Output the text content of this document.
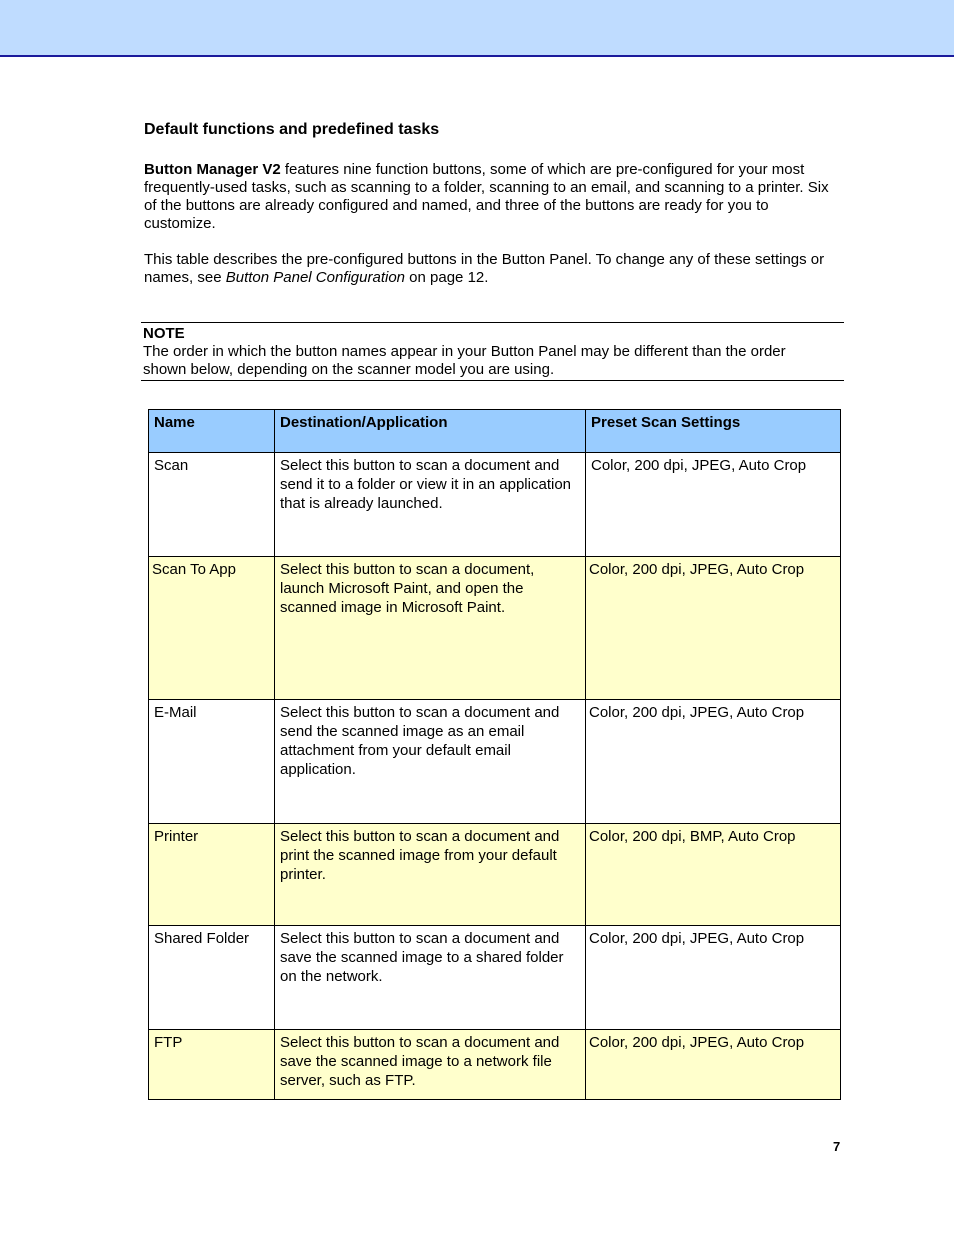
Default functions and predefined tasks

Button Manager V2 features nine function buttons, some of which are pre-configured for your most frequently-used tasks, such as scanning to a folder, scanning to an email, and scanning to a printer. Six of the buttons are already configured and named, and three of the buttons are ready for you to customize.

This table describes the pre-configured buttons in the Button Panel. To change any of these settings or names, see Button Panel Configuration on page 12.

NOTE
The order in which the button names appear in your Button Panel may be different than the order shown below, depending on the scanner model you are using.
Name	Destination/Application	Preset Scan Settings
Scan	Select this button to scan a document and send it to a folder or view it in an application that is already launched.	Color, 200 dpi, JPEG, Auto Crop
Scan To App	Select this button to scan a document, launch Microsoft Paint, and open the scanned image in Microsoft Paint.	Color, 200 dpi, JPEG, Auto Crop
E-Mail	Select this button to scan a document and send the scanned image as an email attachment from your default email application.	Color, 200 dpi, JPEG, Auto Crop
Printer	Select this button to scan a document and print the scanned image from your default printer.	Color, 200 dpi, BMP, Auto Crop
Shared Folder	Select this button to scan a document and save the scanned image to a shared folder on the network.	Color, 200 dpi, JPEG, Auto Crop
FTP	Select this button to scan a document and save the scanned image to a network file server, such as FTP.	Color, 200 dpi, JPEG, Auto Crop
7
